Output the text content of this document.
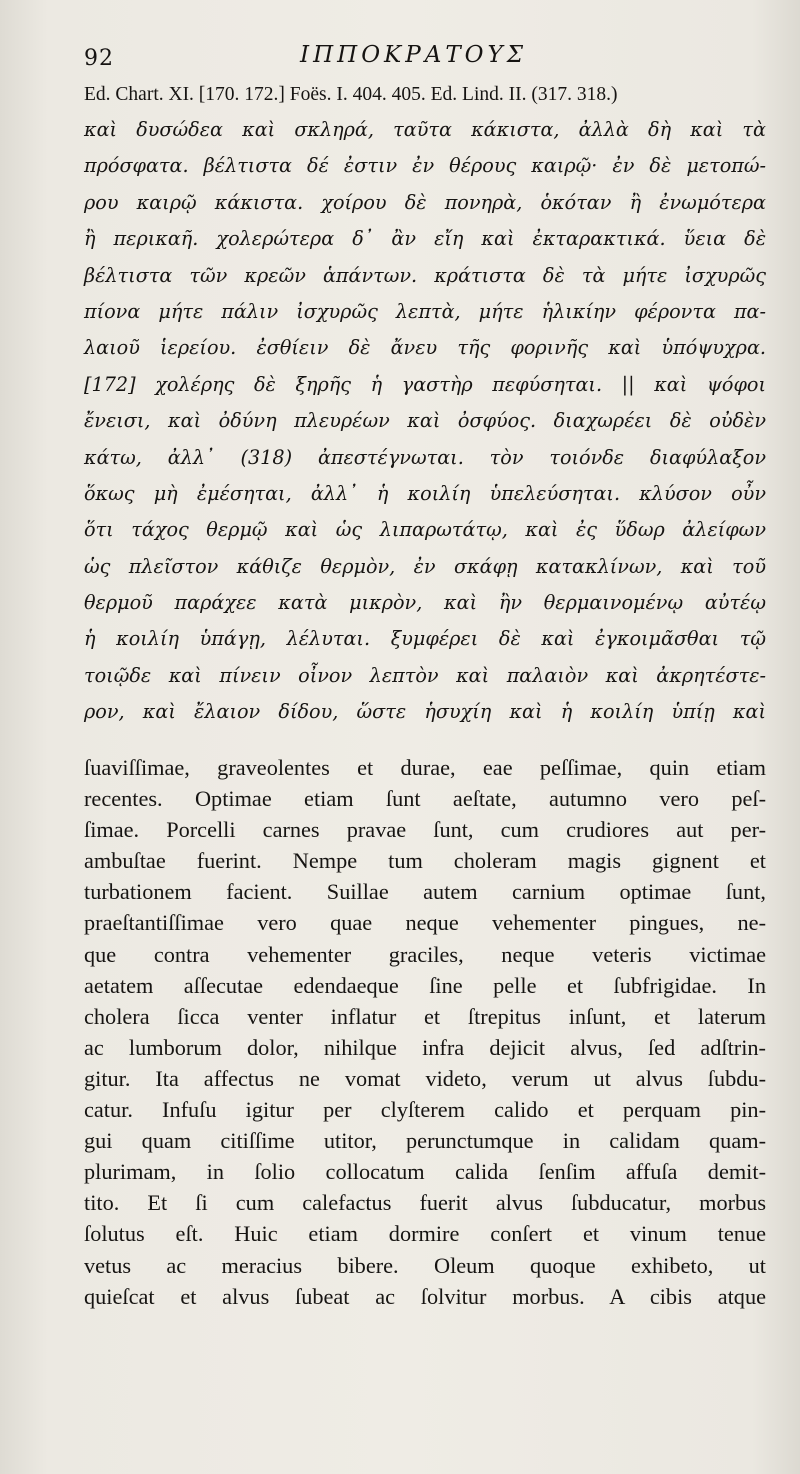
92	ΙΠΠΟΚΡΑΤΟΥΣ
Ed. Chart. XI. [170. 172.] Foës. I. 404. 405. Ed. Lind. II. (317. 318.)
καὶ δυσώδεα καὶ σκληρά, ταῦτα κάκιστα, ἀλλὰ δὴ καὶ τὰ
πρόσφατα. βέλτιστα δέ ἐστιν ἐν θέρους καιρῷ· ἐν δὲ μετοπώ-
ρου καιρῷ κάκιστα. χοίρου δὲ πονηρὰ, ὁκόταν ἢ ἐνωμότερα
ἢ περικαῆ. χολερώτερα δ᾽ ἂν εἴη καὶ ἐκταρακτικά. ὕεια δὲ
βέλτιστα τῶν κρεῶν ἁπάντων. κράτιστα δὲ τὰ μήτε ἰσχυρῶς
πίονα μήτε πάλιν ἰσχυρῶς λεπτὰ, μήτε ἡλικίην φέροντα πα-
λαιοῦ ἱερείου. ἐσθίειν δὲ ἄνευ τῆς φορινῆς καὶ ὑπόψυχρα.
[172] χολέρης δὲ ξηρῆς ἡ γαστὴρ πεφύσηται. || καὶ ψόφοι
ἔνεισι, καὶ ὀδύνη πλευρέων καὶ ὀσφύος. διαχωρέει δὲ οὐδὲν
κάτω, ἀλλ᾽ (318) ἀπεστέγνωται. τὸν τοιόνδε διαφύλαξον
ὅκως μὴ ἐμέσηται, ἀλλ᾽ ἡ κοιλίη ὑπελεύσηται. κλύσον οὖν
ὅτι τάχος θερμῷ καὶ ὡς λιπαρωτάτῳ, καὶ ἐς ὕδωρ ἀλείφων
ὡς πλεῖστον κάθιζε θερμὸν, ἐν σκάφῃ κατακλίνων, καὶ τοῦ
θερμοῦ παράχεε κατὰ μικρὸν, καὶ ἢν θερμαινομένῳ αὐτέῳ
ἡ κοιλίη ὑπάγῃ, λέλυται. ξυμφέρει δὲ καὶ ἐγκοιμᾶσθαι τῷ
τοιῷδε καὶ πίνειν οἶνον λεπτὸν καὶ παλαιὸν καὶ ἀκρητέστε-
ρον, καὶ ἔλαιον δίδου, ὥστε ἡσυχίη καὶ ἡ κοιλίη ὑπίῃ καὶ
ſuaviſſimae, graveolentes et durae, eae peſſimae, quin etiam
recentes. Optimae etiam ſunt aeſtate, autumno vero peſ-
ſimae. Porcelli carnes pravae ſunt, cum crudiores aut per-
ambuſtae fuerint. Nempe tum choleram magis gignent et
turbationem facient. Suillae autem carnium optimae ſunt,
praeſtantiſſimae vero quae neque vehementer pingues, ne-
que contra vehementer graciles, neque veteris victimae
aetatem aſſecutae edendaeque ſine pelle et ſubfrigidae. In
cholera ſicca venter inflatur et ſtrepitus inſunt, et laterum
ac lumborum dolor, nihilque infra dejicit alvus, ſed adſtrin-
gitur. Ita affectus ne vomat videto, verum ut alvus ſubdu-
catur. Infuſu igitur per clyſterem calido et perquam pin-
gui quam citiſſime utitor, perunctumque in calidam quam-
plurimam, in ſolio collocatum calida ſenſim affuſa demit-
tito. Et ſi cum calefactus fuerit alvus ſubducatur, morbus
ſolutus eſt. Huic etiam dormire conſert et vinum tenue
vetus ac meracius bibere. Oleum quoque exhibeto, ut
quieſcat et alvus ſubeat ac ſolvitur morbus. A cibis atque
